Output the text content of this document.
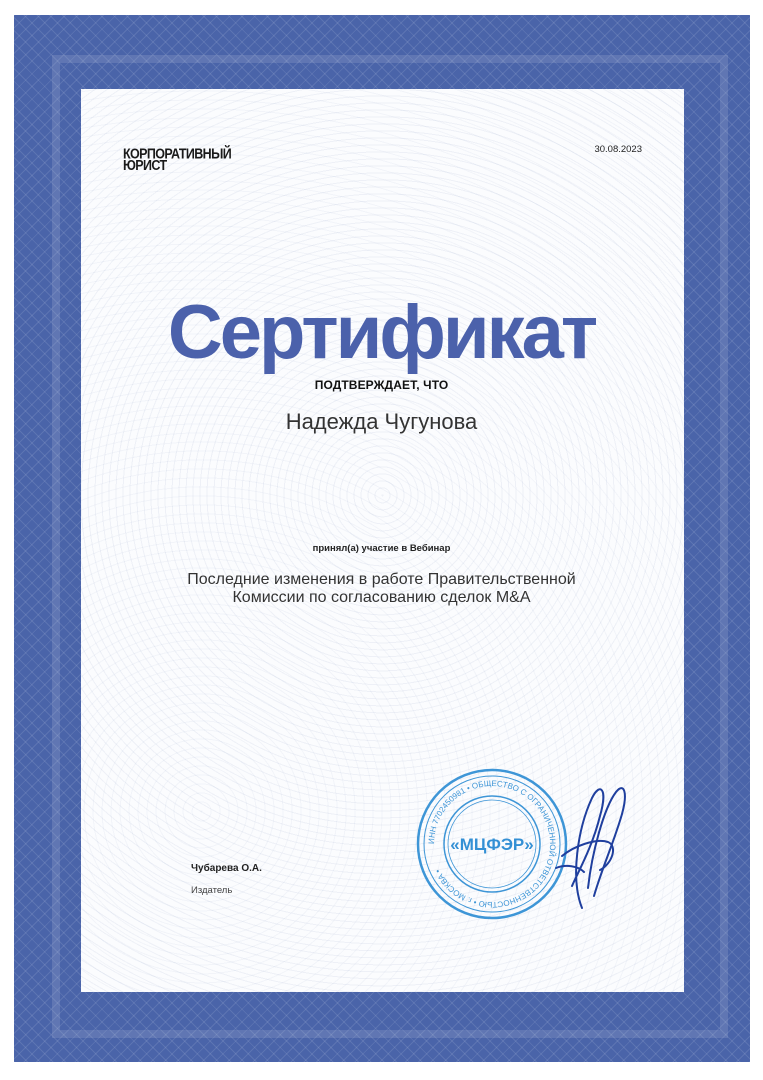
КОРПОРАТИВНЫЙ
ЮРИСТ
30.08.2023
Сертификат
ПОДТВЕРЖДАЕТ, ЧТО
Надежда Чугунова
принял(а) участие в Вебинар
Последние изменения в работе Правительственной
Комиссии по согласованию сделок M&A
Чубарева О.А.
Издатель
ИНН 7702450981 • ОБЩЕСТВО С ОГРАНИЧЕННОЙ ОТВЕТСТВЕННОСТЬЮ • г. МОСКВА •
«МЦФЭР»
